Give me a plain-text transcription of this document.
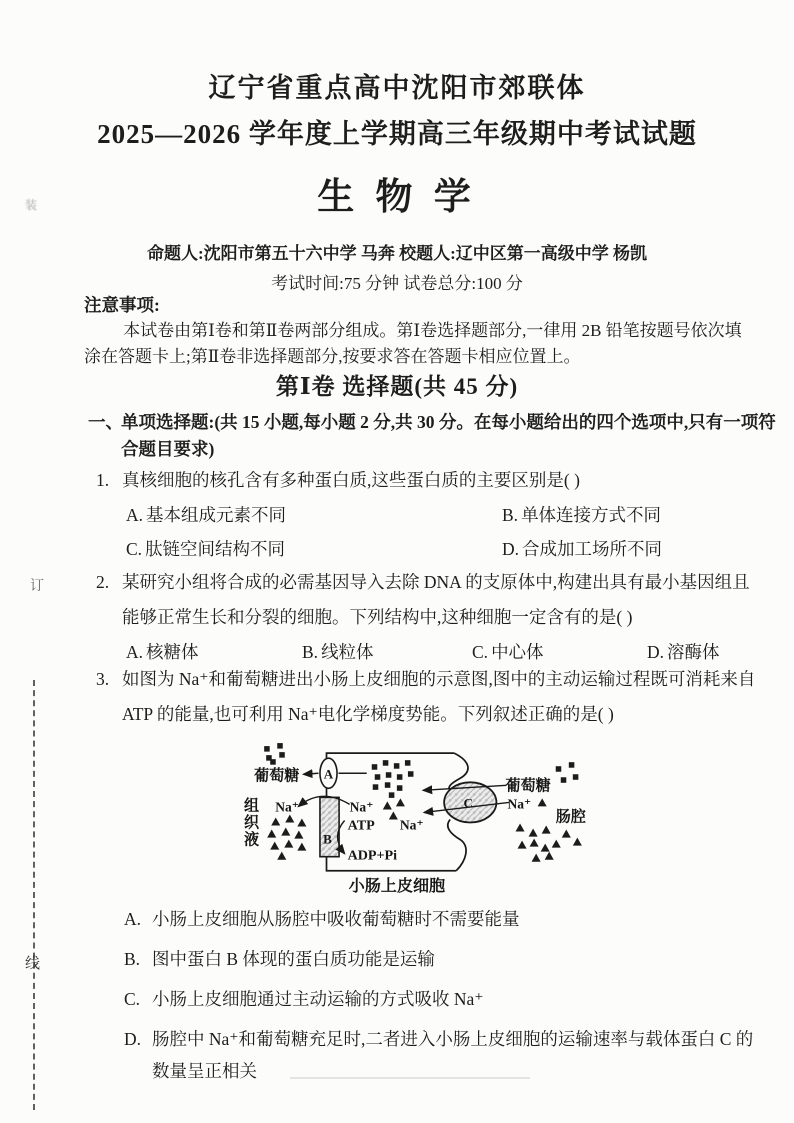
装
订
线
辽宁省重点高中沈阳市郊联体
2025—2026 学年度上学期高三年级期中考试试题
生 物 学
命题人:沈阳市第五十六中学 马奔 校题人:辽中区第一高级中学 杨凯
考试时间:75 分钟 试卷总分:100 分
注意事项:
本试卷由第Ⅰ卷和第Ⅱ卷两部分组成。第Ⅰ卷选择题部分,一律用 2B 铅笔按题号依次填涂在答题卡上;第Ⅱ卷非选择题部分,按要求答在答题卡相应位置上。
第Ⅰ卷 选择题(共 45 分)
一、单项选择题:(共 15 小题,每小题 2 分,共 30 分。在每小题给出的四个选项中,只有一项符合题目要求)
1. 真核细胞的核孔含有多种蛋白质,这些蛋白质的主要区别是( )
A. 基本组成元素不同	B. 单体连接方式不同
C. 肽链空间结构不同	D. 合成加工场所不同
2. 某研究小组将合成的必需基因导入去除 DNA 的支原体中,构建出具有最小基因组且能够正常生长和分裂的细胞。下列结构中,这种细胞一定含有的是( )
A. 核糖体	B. 线粒体	C. 中心体	D. 溶酶体
3. 如图为 Na⁺和葡萄糖进出小肠上皮细胞的示意图,图中的主动运输过程既可消耗来自 ATP 的能量,也可利用 Na⁺电化学梯度势能。下列叙述正确的是( )
葡萄糖
组
织
液
Na⁺	Na⁺
ATP
ADP+Pi
Na⁺
葡萄糖
Na⁺
肠腔
小肠上皮细胞
A
B
C
A. 小肠上皮细胞从肠腔中吸收葡萄糖时不需要能量
B. 图中蛋白 B 体现的蛋白质功能是运输
C. 小肠上皮细胞通过主动运输的方式吸收 Na⁺
D. 肠腔中 Na⁺和葡萄糖充足时,二者进入小肠上皮细胞的运输速率与载体蛋白 C 的数量呈正相关
